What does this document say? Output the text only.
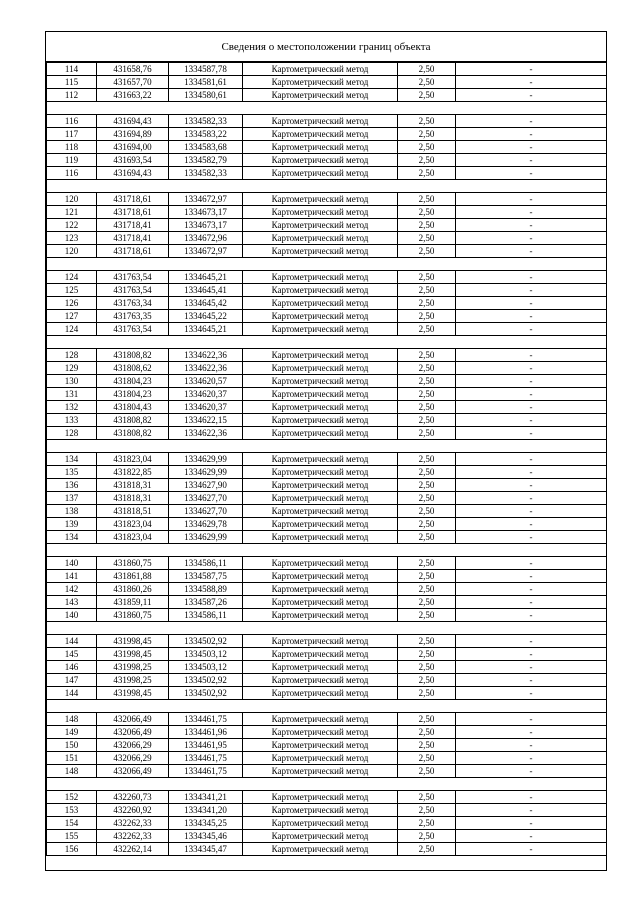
Сведения о местоположении границ объекта
114	431658,76	1334587,78	Картометрический метод	2,50	-
115	431657,70	1334581,61	Картометрический метод	2,50	-
112	431663,22	1334580,61	Картометрический метод	2,50	-

116	431694,43	1334582,33	Картометрический метод	2,50	-
117	431694,89	1334583,22	Картометрический метод	2,50	-
118	431694,00	1334583,68	Картометрический метод	2,50	-
119	431693,54	1334582,79	Картометрический метод	2,50	-
116	431694,43	1334582,33	Картометрический метод	2,50	-

120	431718,61	1334672,97	Картометрический метод	2,50	-
121	431718,61	1334673,17	Картометрический метод	2,50	-
122	431718,41	1334673,17	Картометрический метод	2,50	-
123	431718,41	1334672,96	Картометрический метод	2,50	-
120	431718,61	1334672,97	Картометрический метод	2,50	-

124	431763,54	1334645,21	Картометрический метод	2,50	-
125	431763,54	1334645,41	Картометрический метод	2,50	-
126	431763,34	1334645,42	Картометрический метод	2,50	-
127	431763,35	1334645,22	Картометрический метод	2,50	-
124	431763,54	1334645,21	Картометрический метод	2,50	-

128	431808,82	1334622,36	Картометрический метод	2,50	-
129	431808,62	1334622,36	Картометрический метод	2,50	-
130	431804,23	1334620,57	Картометрический метод	2,50	-
131	431804,23	1334620,37	Картометрический метод	2,50	-
132	431804,43	1334620,37	Картометрический метод	2,50	-
133	431808,82	1334622,15	Картометрический метод	2,50	-
128	431808,82	1334622,36	Картометрический метод	2,50	-

134	431823,04	1334629,99	Картометрический метод	2,50	-
135	431822,85	1334629,99	Картометрический метод	2,50	-
136	431818,31	1334627,90	Картометрический метод	2,50	-
137	431818,31	1334627,70	Картометрический метод	2,50	-
138	431818,51	1334627,70	Картометрический метод	2,50	-
139	431823,04	1334629,78	Картометрический метод	2,50	-
134	431823,04	1334629,99	Картометрический метод	2,50	-

140	431860,75	1334586,11	Картометрический метод	2,50	-
141	431861,88	1334587,75	Картометрический метод	2,50	-
142	431860,26	1334588,89	Картометрический метод	2,50	-
143	431859,11	1334587,26	Картометрический метод	2,50	-
140	431860,75	1334586,11	Картометрический метод	2,50	-

144	431998,45	1334502,92	Картометрический метод	2,50	-
145	431998,45	1334503,12	Картометрический метод	2,50	-
146	431998,25	1334503,12	Картометрический метод	2,50	-
147	431998,25	1334502,92	Картометрический метод	2,50	-
144	431998,45	1334502,92	Картометрический метод	2,50	-

148	432066,49	1334461,75	Картометрический метод	2,50	-
149	432066,49	1334461,96	Картометрический метод	2,50	-
150	432066,29	1334461,95	Картометрический метод	2,50	-
151	432066,29	1334461,75	Картометрический метод	2,50	-
148	432066,49	1334461,75	Картометрический метод	2,50	-

152	432260,73	1334341,21	Картометрический метод	2,50	-
153	432260,92	1334341,20	Картометрический метод	2,50	-
154	432262,33	1334345,25	Картометрический метод	2,50	-
155	432262,33	1334345,46	Картометрический метод	2,50	-
156	432262,14	1334345,47	Картометрический метод	2,50	-
